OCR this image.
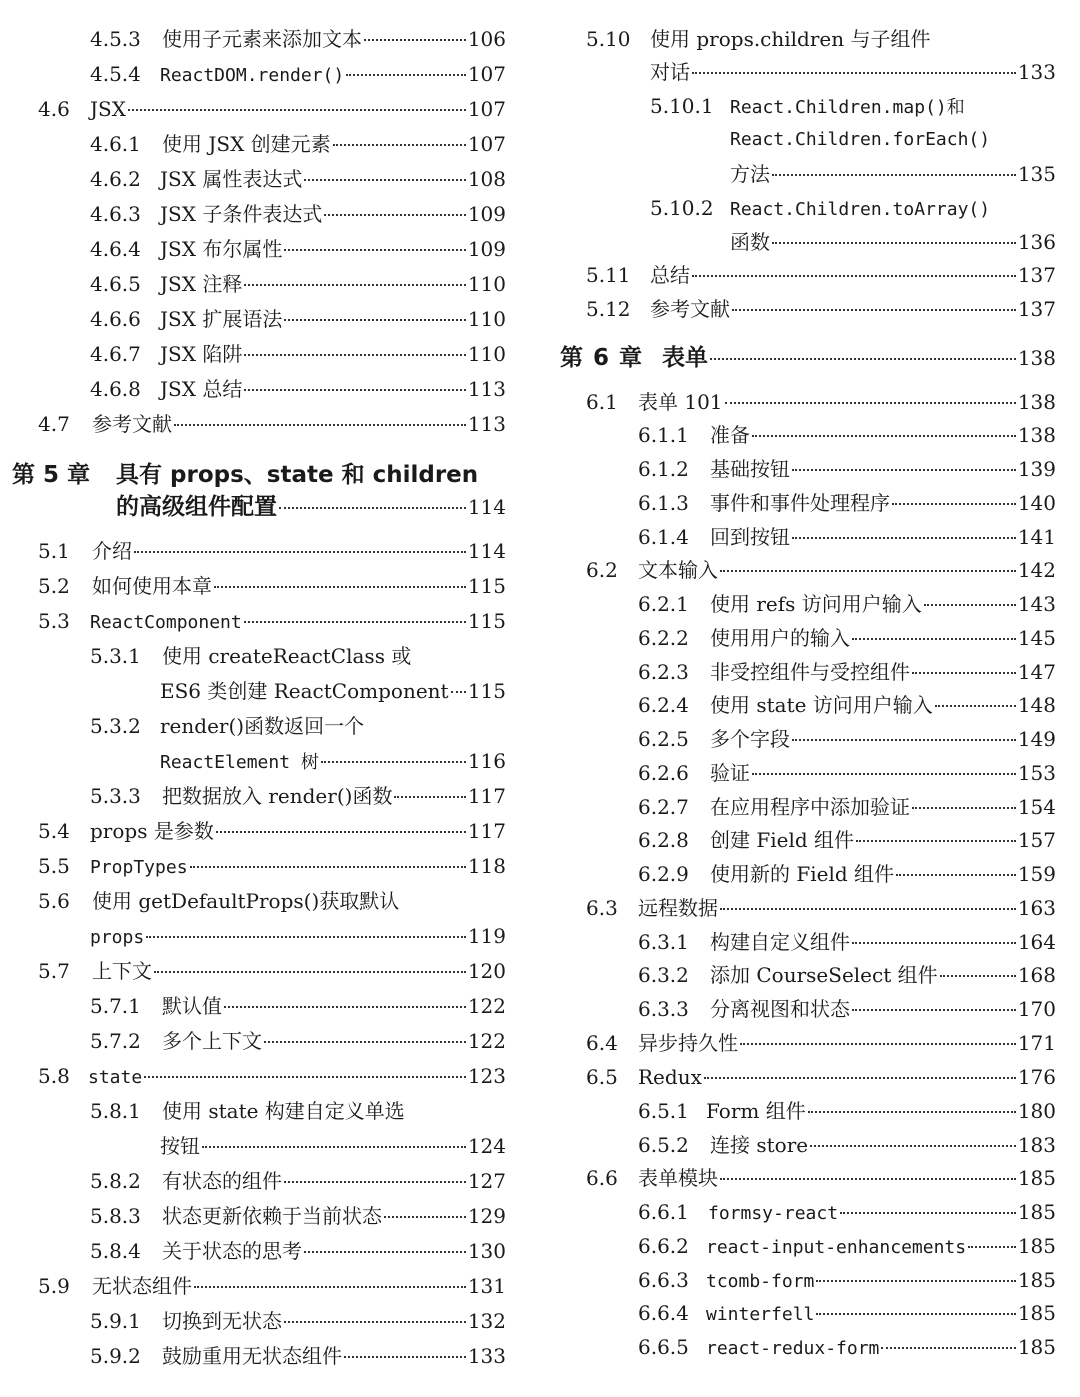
4.5.3	使用子元素来添加文本	106
4.5.4	ReactDOM.render()	107
4.6	JSX	107
4.6.1	使用 JSX 创建元素	107
4.6.2 JSX 属性表达式	108
4.6.3 JSX 子条件表达式	109
4.6.4 JSX 布尔属性	109
4.6.5 JSX 注释	110
4.6.6 JSX 扩展语法	110
4.6.7 JSX 陷阱	110
4.6.8 JSX 总结	113
4.7	参考文献	113
第 5 章 具有 props、state 和 children
的高级组件配置	114
5.1	介绍	114
5.2	如何使用本章	115
5.3	ReactComponent	115
5.3.1 使用 createReactClass 或
ES6 类创建 ReactComponent 115
5.3.2 render()函数返回一个
ReactElement 树	116
5.3.3	把数据放入 render()函数	117
5.4	props 是参数	117
5.5	PropTypes	118
5.6 使用 getDefaultProps()获取默认
props	119
5.7	上下文	120
5.7.1	默认值	122
5.7.2	多个上下文	122
5.8	state	123
5.8.1 使用 state 构建自定义单选
按钮	124
5.8.2	有状态的组件	127
5.8.3	状态更新依赖于当前状态	129
5.8.4	关于状态的思考	130
5.9	无状态组件	131
5.9.1	切换到无状态	132
5.9.2	鼓励重用无状态组件	133
5.10 使用 props.children 与子组件
对话	133
5.10.1 React.Children.map()和
React.Children.forEach()
方法	135
5.10.2 React.Children.toArray()
函数	136
5.11 总结	137
5.12 参考文献	137
第 6 章 表单	138
6.1	表单 101	138
6.1.1	准备	138
6.1.2	基础按钮	139
6.1.3	事件和事件处理程序	140
6.1.4	回到按钮	141
6.2	文本输入	142
6.2.1	使用 refs 访问用户输入	143
6.2.2	使用用户的输入	145
6.2.3	非受控组件与受控组件	147
6.2.4	使用 state 访问用户输入	148
6.2.5	多个字段	149
6.2.6	验证	153
6.2.7	在应用程序中添加验证	154
6.2.8	创建 Field 组件	157
6.2.9	使用新的 Field 组件	159
6.3	远程数据	163
6.3.1	构建自定义组件	164
6.3.2	添加 CourseSelect 组件	168
6.3.3	分离视图和状态	170
6.4	异步持久性	171
6.5	Redux	176
6.5.1 Form 组件	180
6.5.2	连接 store	183
6.6	表单模块	185
6.6.1	formsy-react	185
6.6.2 react-input-enhancements	185
6.6.3 tcomb-form	185
6.6.4 winterfell	185
6.6.5 react-redux-form	185
